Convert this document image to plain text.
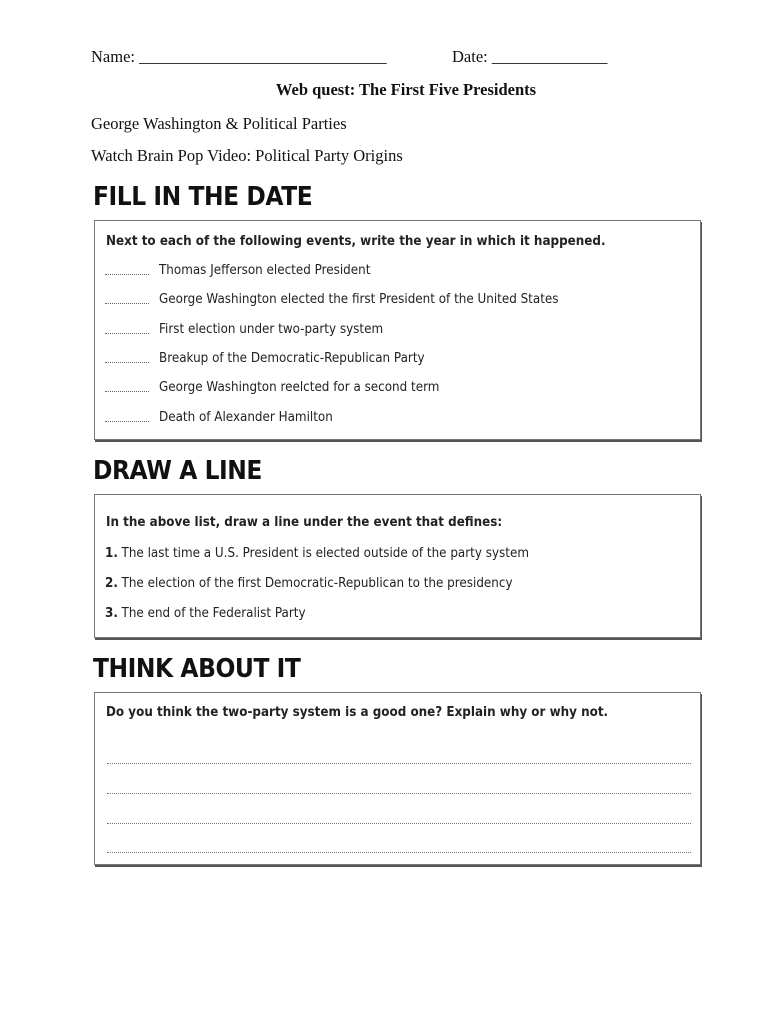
Name: ______________________________	Date: ______________
Web quest: The First Five Presidents
George Washington & Political Parties
Watch Brain Pop Video: Political Party Origins
FILL IN THE DATE
Next to each of the following events, write the year in which it happened.
Thomas Jefferson elected President
George Washington elected the first President of the United States
First election under two-party system
Breakup of the Democratic-Republican Party
George Washington reelcted for a second term
Death of Alexander Hamilton
DRAW A LINE
In the above list, draw a line under the event that defines:
1. The last time a U.S. President is elected outside of the party system
2. The election of the first Democratic-Republican to the presidency
3. The end of the Federalist Party
THINK ABOUT IT
Do you think the two-party system is a good one? Explain why or why not.
